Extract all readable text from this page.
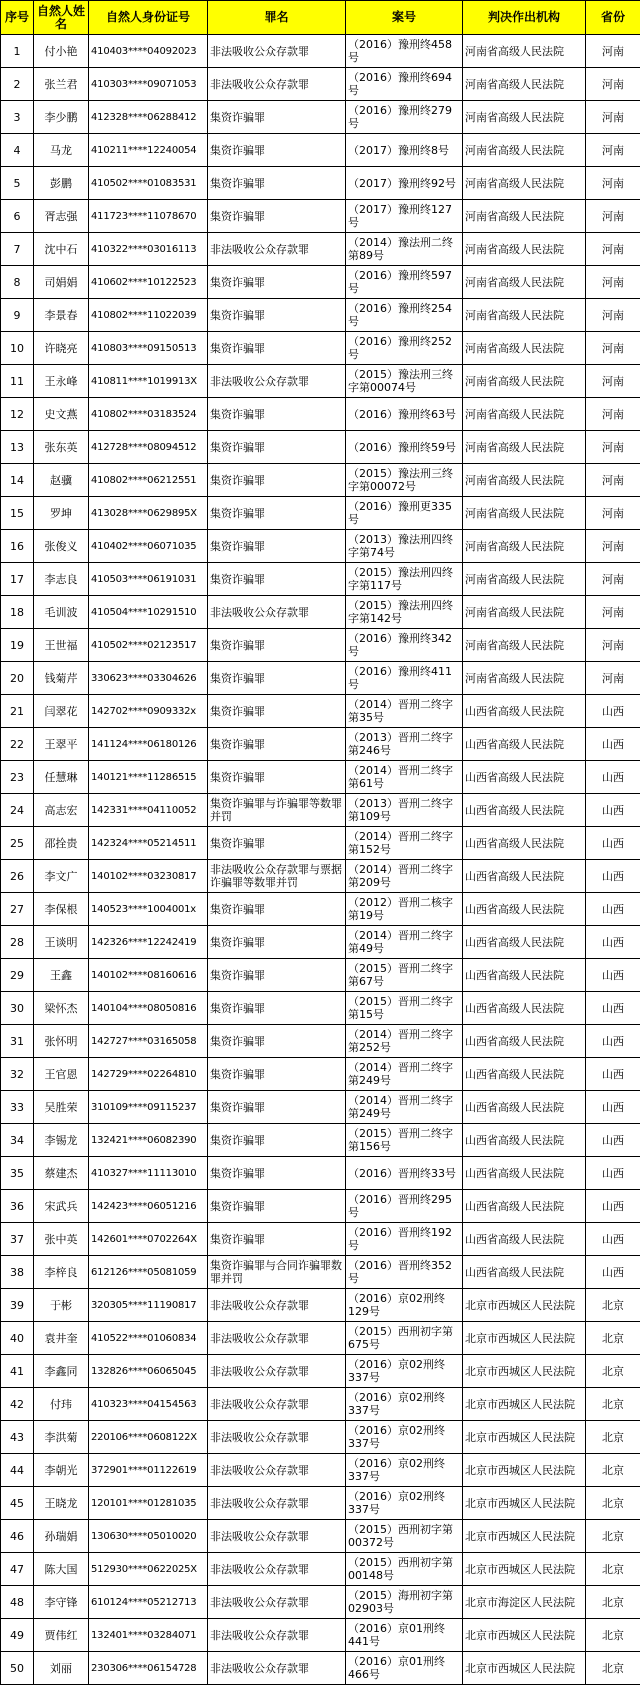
序号	自然人姓名	自然人身份证号	罪名	案号	判决作出机构	省份
1	付小艳	410403****04092023	非法吸收公众存款罪	（2016）豫刑终458号	河南省高级人民法院	河南
2	张兰君	410303****09071053	非法吸收公众存款罪	（2016）豫刑终694号	河南省高级人民法院	河南
3	李少鹏	412328****06288412	集资诈骗罪	（2016）豫刑终279号	河南省高级人民法院	河南
4	马龙	410211****12240054	集资诈骗罪	（2017）豫刑终8号	河南省高级人民法院	河南
5	彭鹏	410502****01083531	集资诈骗罪	（2017）豫刑终92号	河南省高级人民法院	河南
6	胥志强	411723****11078670	集资诈骗罪	（2017）豫刑终127号	河南省高级人民法院	河南
7	沈中石	410322****03016113	非法吸收公众存款罪	（2014）豫法刑二终第89号	河南省高级人民法院	河南
8	司娟娟	410602****10122523	集资诈骗罪	（2016）豫刑终597号	河南省高级人民法院	河南
9	李景春	410802****11022039	集资诈骗罪	（2016）豫刑终254号	河南省高级人民法院	河南
10	许晓亮	410803****09150513	集资诈骗罪	（2016）豫刑终252号	河南省高级人民法院	河南
11	王永峰	410811****1019913X	非法吸收公众存款罪	（2015）豫法刑三终字第00074号	河南省高级人民法院	河南
12	史文燕	410802****03183524	集资诈骗罪	（2016）豫刑终63号	河南省高级人民法院	河南
13	张东英	412728****08094512	集资诈骗罪	（2016）豫刑终59号	河南省高级人民法院	河南
14	赵骥	410802****06212551	集资诈骗罪	（2015）豫法刑三终字第00072号	河南省高级人民法院	河南
15	罗坤	413028****0629895X	集资诈骗罪	（2016）豫刑更335号	河南省高级人民法院	河南
16	张俊义	410402****06071035	集资诈骗罪	（2013）豫法刑四终字第74号	河南省高级人民法院	河南
17	李志良	410503****06191031	集资诈骗罪	（2015）豫法刑四终字第117号	河南省高级人民法院	河南
18	毛训波	410504****10291510	非法吸收公众存款罪	（2015）豫法刑四终字第142号	河南省高级人民法院	河南
19	王世福	410502****02123517	集资诈骗罪	（2016）豫刑终342号	河南省高级人民法院	河南
20	钱菊芹	330623****03304626	集资诈骗罪	（2016）豫刑终411号	河南省高级人民法院	河南
21	闫翠花	142702****0909332x	集资诈骗罪	（2014）晋刑二终字第35号	山西省高级人民法院	山西
22	王翠平	141124****06180126	集资诈骗罪	（2013）晋刑二终字第246号	山西省高级人民法院	山西
23	任慧琳	140121****11286515	集资诈骗罪	（2014）晋刑二终字第61号	山西省高级人民法院	山西
24	高志宏	142331****04110052	集资诈骗罪与诈骗罪等数罪并罚	（2013）晋刑二终字第109号	山西省高级人民法院	山西
25	邵拴贵	142324****05214511	集资诈骗罪	（2014）晋刑二终字第152号	山西省高级人民法院	山西
26	李文广	140102****03230817	非法吸收公众存款罪与票据诈骗罪等数罪并罚	（2014）晋刑二终字第209号	山西省高级人民法院	山西
27	李保根	140523****1004001x	集资诈骗罪	（2012）晋刑二核字第19号	山西省高级人民法院	山西
28	王谈明	142326****12242419	集资诈骗罪	（2014）晋刑二终字第49号	山西省高级人民法院	山西
29	王鑫	140102****08160616	集资诈骗罪	（2015）晋刑二终字第67号	山西省高级人民法院	山西
30	梁怀杰	140104****08050816	集资诈骗罪	（2015）晋刑二终字第15号	山西省高级人民法院	山西
31	张怀明	142727****03165058	集资诈骗罪	（2014）晋刑二终字第252号	山西省高级人民法院	山西
32	王官恩	142729****02264810	集资诈骗罪	（2014）晋刑二终字第249号	山西省高级人民法院	山西
33	吴胜荣	310109****09115237	集资诈骗罪	（2014）晋刑二终字第249号	山西省高级人民法院	山西
34	李锡龙	132421****06082390	集资诈骗罪	（2015）晋刑二终字第156号	山西省高级人民法院	山西
35	蔡建杰	410327****11113010	集资诈骗罪	（2016）晋刑终33号	山西省高级人民法院	山西
36	宋武兵	142423****06051216	集资诈骗罪	（2016）晋刑终295号	山西省高级人民法院	山西
37	张中英	142601****0702264X	集资诈骗罪	（2016）晋刑终192号	山西省高级人民法院	山西
38	李梓良	612126****05081059	集资诈骗罪与合同诈骗罪数罪并罚	（2016）晋刑终352号	山西省高级人民法院	山西
39	于彬	320305****11190817	非法吸收公众存款罪	（2016）京02刑终129号	北京市西城区人民法院	北京
40	袁井奎	410522****01060834	非法吸收公众存款罪	（2015）西刑初字第675号	北京市西城区人民法院	北京
41	李鑫同	132826****06065045	非法吸收公众存款罪	（2016）京02刑终337号	北京市西城区人民法院	北京
42	付玮	410323****04154563	非法吸收公众存款罪	（2016）京02刑终337号	北京市西城区人民法院	北京
43	李洪菊	220106****0608122X	非法吸收公众存款罪	（2016）京02刑终337号	北京市西城区人民法院	北京
44	李朝光	372901****01122619	非法吸收公众存款罪	（2016）京02刑终337号	北京市西城区人民法院	北京
45	王晓龙	120101****01281035	非法吸收公众存款罪	（2016）京02刑终337号	北京市西城区人民法院	北京
46	孙瑞娟	130630****05010020	非法吸收公众存款罪	（2015）西刑初字第00372号	北京市西城区人民法院	北京
47	陈大国	512930****0622025X	非法吸收公众存款罪	（2015）西刑初字第00148号	北京市西城区人民法院	北京
48	李守锋	610124****05212713	非法吸收公众存款罪	（2015）海刑初字第02903号	北京市海淀区人民法院	北京
49	贾伟红	132401****03284071	非法吸收公众存款罪	（2016）京01刑终441号	北京市西城区人民法院	北京
50	刘丽	230306****06154728	非法吸收公众存款罪	（2016）京01刑终466号	北京市西城区人民法院	北京
